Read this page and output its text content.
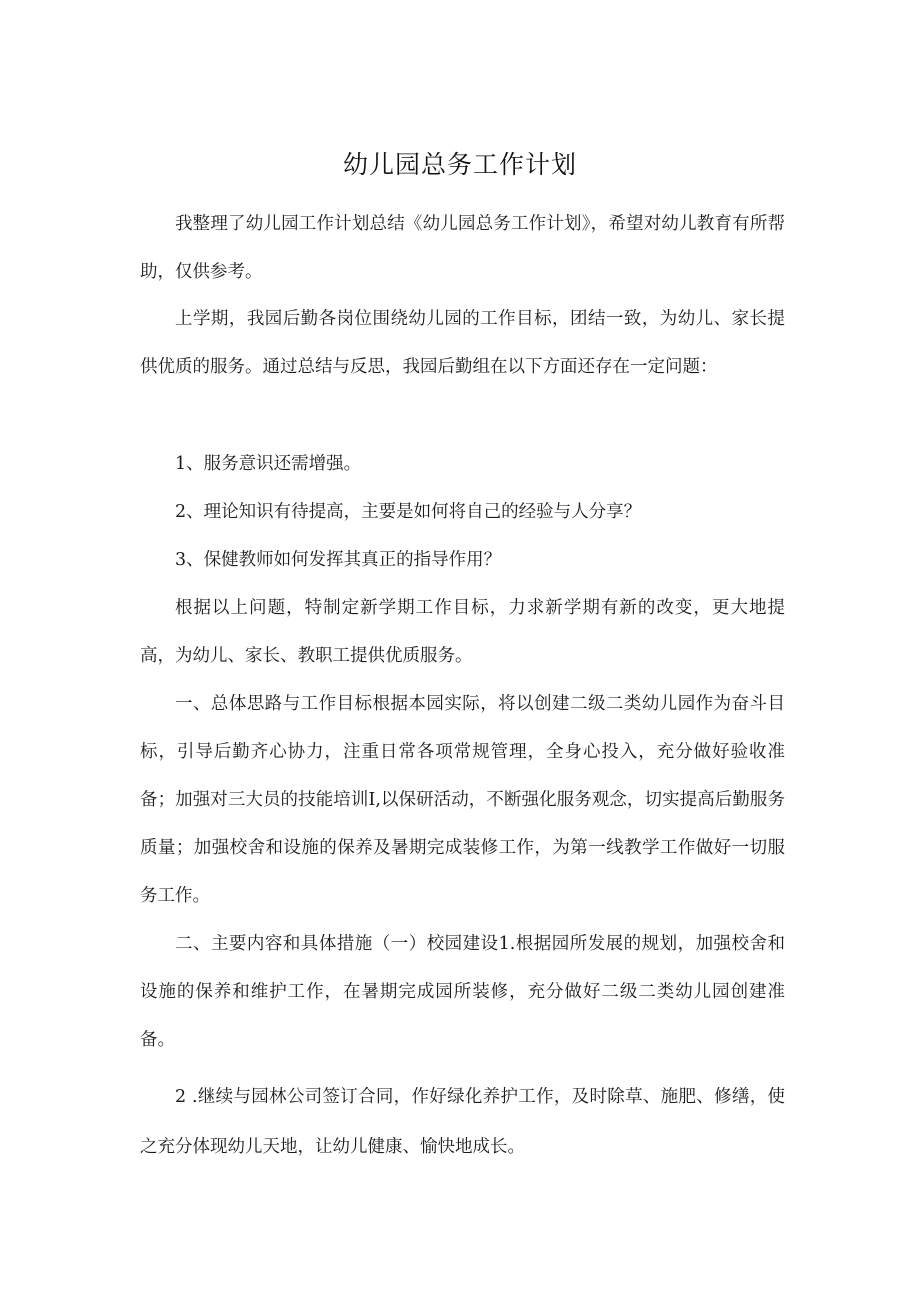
幼儿园总务工作计划

我整理了幼儿园工作计划总结《幼儿园总务工作计划》，希望对幼儿教育有所帮助，仅供参考。

上学期，我园后勤各岗位围绕幼儿园的工作目标，团结一致，为幼儿、家长提供优质的服务。通过总结与反思，我园后勤组在以下方面还存在一定问题：

1、服务意识还需增强。

2、理论知识有待提高，主要是如何将自己的经验与人分享？

3、保健教师如何发挥其真正的指导作用？

根据以上问题，特制定新学期工作目标，力求新学期有新的改变，更大地提高，为幼儿、家长、教职工提供优质服务。

一、总体思路与工作目标根据本园实际，将以创建二级二类幼儿园作为奋斗目标，引导后勤齐心协力，注重日常各项常规管理，全身心投入，充分做好验收准备；加强对三大员的技能培训I,以保研活动，不断强化服务观念，切实提高后勤服务质量；加强校舍和设施的保养及暑期完成装修工作，为第一线教学工作做好一切服务工作。

二、主要内容和具体措施（一）校园建设1.根据园所发展的规划，加强校舍和设施的保养和维护工作，在暑期完成园所装修，充分做好二级二类幼儿园创建准备。

2 .继续与园林公司签订合同，作好绿化养护工作，及时除草、施肥、修缮，使之充分体现幼儿天地，让幼儿健康、愉快地成长。
